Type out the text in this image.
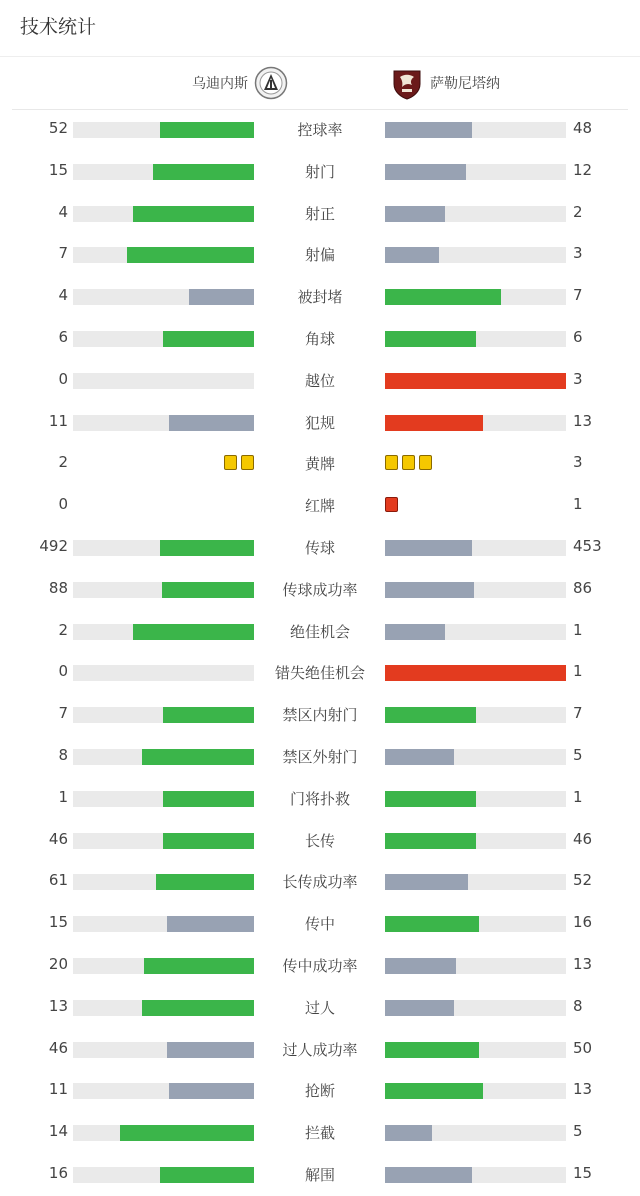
技术统计
乌迪内斯	萨勒尼塔纳
52	控球率	48
15	射门	12
4	射正	2
7	射偏	3
4	被封堵	7
6	角球	6
0	越位	3
11	犯规	13
2	黄牌	3
0	红牌	1
492	传球	453
88	传球成功率	86
2	绝佳机会	1
0	错失绝佳机会	1
7	禁区内射门	7
8	禁区外射门	5
1	门将扑救	1
46	长传	46
61	长传成功率	52
15	传中	16
20	传中成功率	13
13	过人	8
46	过人成功率	50
11	抢断	13
14	拦截	5
16	解围	15
